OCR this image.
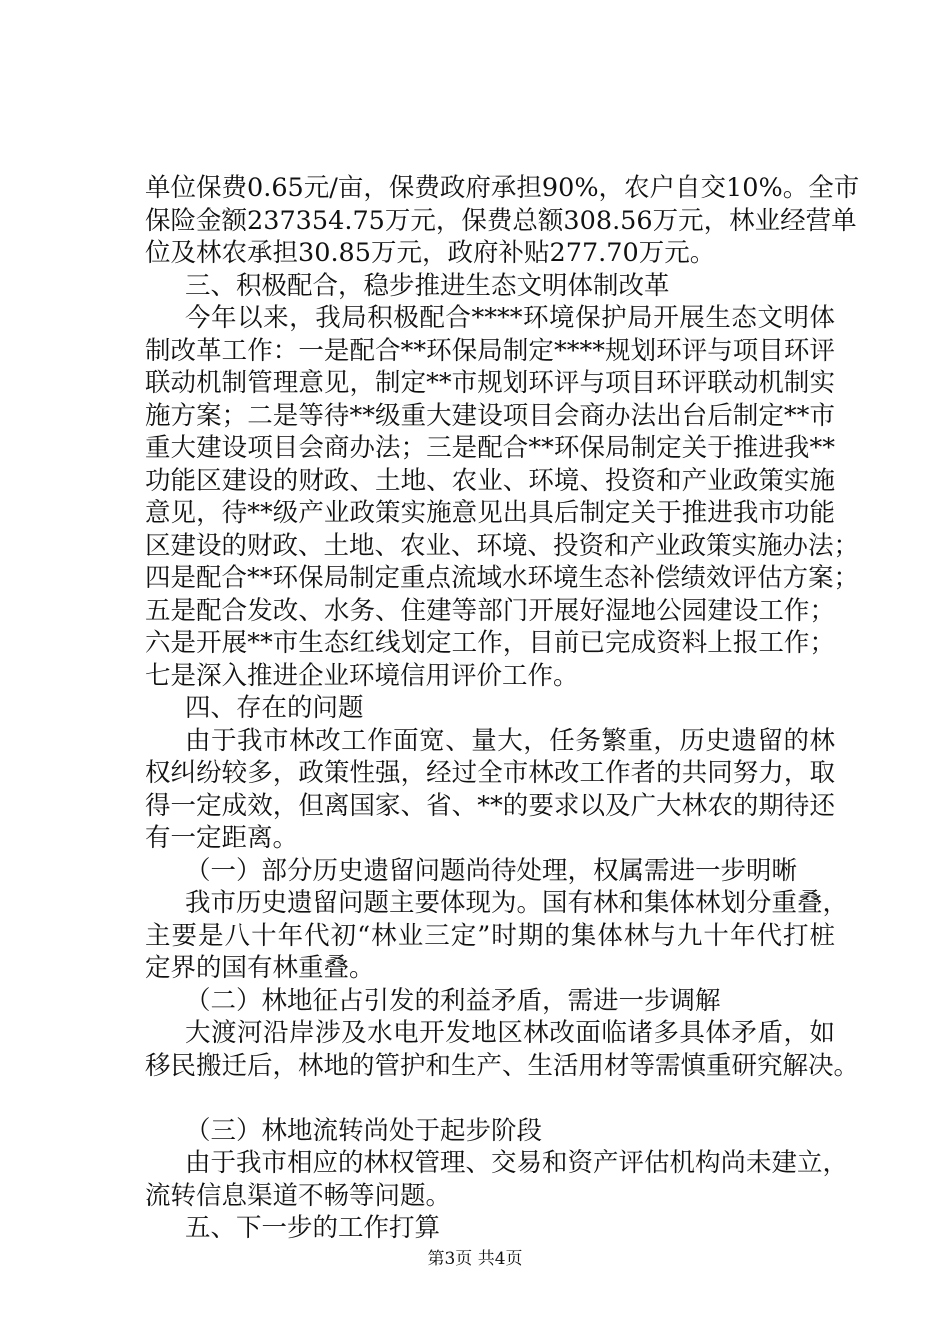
单位保费0.65元/亩，保费政府承担90%，农户自交10%。全市
保险金额237354.75万元，保费总额308.56万元，林业经营单
位及林农承担30.85万元，政府补贴277.70万元。
三、积极配合，稳步推进生态文明体制改革
今年以来，我局积极配合****环境保护局开展生态文明体
制改革工作：一是配合**环保局制定****规划环评与项目环评
联动机制管理意见，制定**市规划环评与项目环评联动机制实
施方案；二是等待**级重大建设项目会商办法出台后制定**市
重大建设项目会商办法；三是配合**环保局制定关于推进我**
功能区建设的财政、土地、农业、环境、投资和产业政策实施
意见，待**级产业政策实施意见出具后制定关于推进我市功能
区建设的财政、土地、农业、环境、投资和产业政策实施办法；
四是配合**环保局制定重点流域水环境生态补偿绩效评估方案；
五是配合发改、水务、住建等部门开展好湿地公园建设工作；
六是开展**市生态红线划定工作，目前已完成资料上报工作；
七是深入推进企业环境信用评价工作。
四、存在的问题
由于我市林改工作面宽、量大，任务繁重，历史遗留的林
权纠纷较多，政策性强，经过全市林改工作者的共同努力，取
得一定成效，但离国家、省、**的要求以及广大林农的期待还
有一定距离。
（一）部分历史遗留问题尚待处理，权属需进一步明晰
我市历史遗留问题主要体现为。国有林和集体林划分重叠，
主要是八十年代初“林业三定”时期的集体林与九十年代打桩
定界的国有林重叠。
（二）林地征占引发的利益矛盾，需进一步调解
大渡河沿岸涉及水电开发地区林改面临诸多具体矛盾，如
移民搬迁后，林地的管护和生产、生活用材等需慎重研究解决。
（三）林地流转尚处于起步阶段
由于我市相应的林权管理、交易和资产评估机构尚未建立，
流转信息渠道不畅等问题。
五、下一步的工作打算
第3页 共4页
